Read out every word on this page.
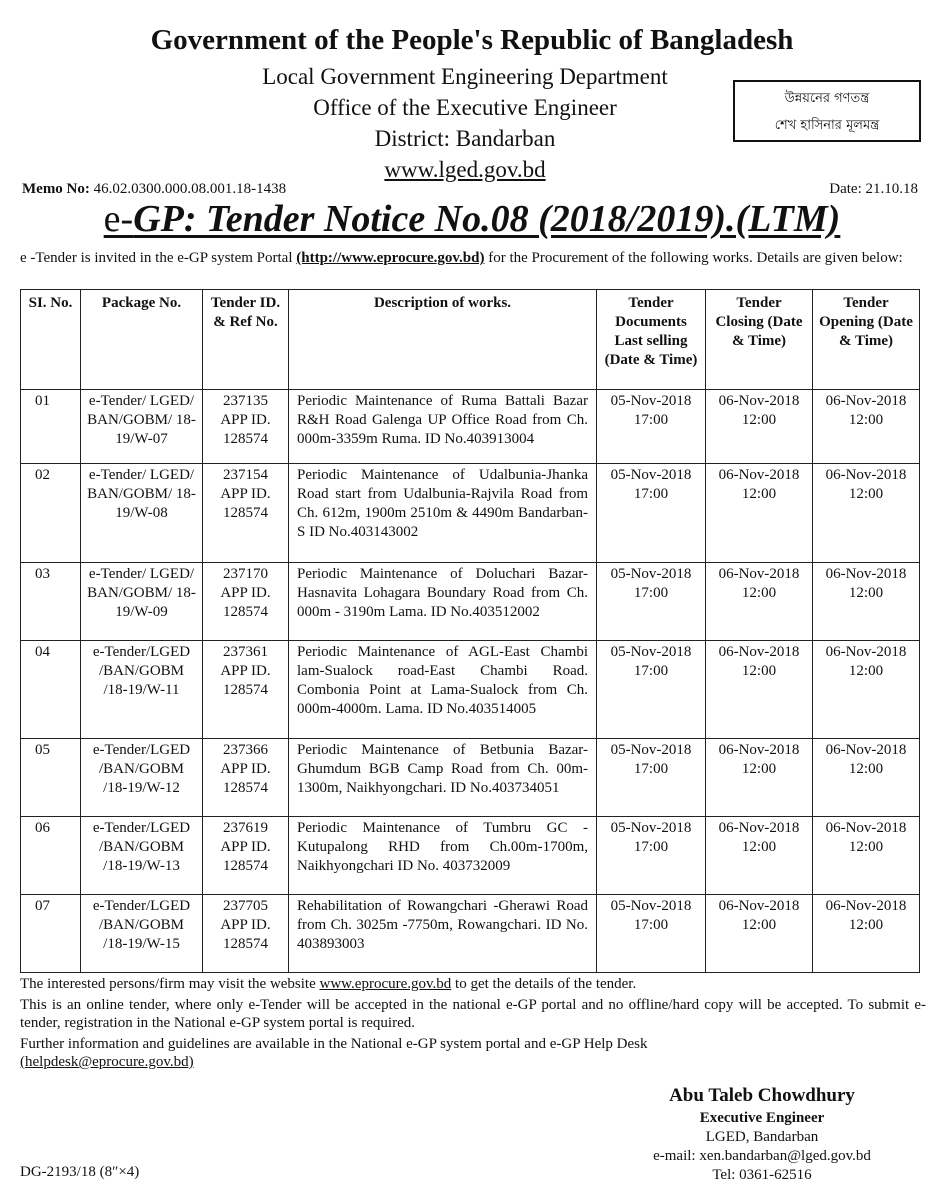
Government of the People's Republic of Bangladesh
Local Government Engineering Department
Office of the Executive Engineer
District: Bandarban
www.lged.gov.bd
উন্নয়নের গণতন্ত্র
শেখ হাসিনার মূলমন্ত্র
Memo No: 46.02.0300.000.08.001.18-1438	Date: 21.10.18
e-GP: Tender Notice No.08 (2018/2019).(LTM)
e -Tender is invited in the e-GP system Portal (http://www.eprocure.gov.bd) for the Procurement of the following works. Details are given below:
SI. No.	Package No.	Tender ID. & Ref No.	Description of works.	Tender Documents Last selling (Date & Time)	Tender Closing (Date & Time)	Tender Opening (Date & Time)
01	e-Tender/ LGED/ BAN/GOBM/ 18-19/W-07	237135 APP ID. 128574	Periodic Maintenance of Ruma Battali Bazar R&H Road Galenga UP Office Road from Ch. 000m-3359m Ruma. ID No.403913004	05-Nov-2018 17:00	06-Nov-2018 12:00	06-Nov-2018 12:00
02	e-Tender/ LGED/ BAN/GOBM/ 18-19/W-08	237154 APP ID. 128574	Periodic Maintenance of Udalbunia-Jhanka Road start from Udalbunia-Rajvila Road from Ch. 612m, 1900m 2510m & 4490m Bandarban-S ID No.403143002	05-Nov-2018 17:00	06-Nov-2018 12:00	06-Nov-2018 12:00
03	e-Tender/ LGED/ BAN/GOBM/ 18-19/W-09	237170 APP ID. 128574	Periodic Maintenance of Doluchari Bazar-Hasnavita Lohagara Boundary Road from Ch. 000m - 3190m Lama. ID No.403512002	05-Nov-2018 17:00	06-Nov-2018 12:00	06-Nov-2018 12:00
04	e-Tender/LGED /BAN/GOBM /18-19/W-11	237361 APP ID. 128574	Periodic Maintenance of AGL-East Chambi lam-Sualock road-East Chambi Road. Combonia Point at Lama-Sualock from Ch. 000m-4000m. Lama. ID No.403514005	05-Nov-2018 17:00	06-Nov-2018 12:00	06-Nov-2018 12:00
05	e-Tender/LGED /BAN/GOBM /18-19/W-12	237366 APP ID. 128574	Periodic Maintenance of Betbunia Bazar-Ghumdum BGB Camp Road from Ch. 00m-1300m, Naikhyongchari. ID No.403734051	05-Nov-2018 17:00	06-Nov-2018 12:00	06-Nov-2018 12:00
06	e-Tender/LGED /BAN/GOBM /18-19/W-13	237619 APP ID. 128574	Periodic Maintenance of Tumbru GC - Kutupalong RHD from Ch.00m-1700m, Naikhyongchari ID No. 403732009	05-Nov-2018 17:00	06-Nov-2018 12:00	06-Nov-2018 12:00
07	e-Tender/LGED /BAN/GOBM /18-19/W-15	237705 APP ID. 128574	Rehabilitation of Rowangchari -Gherawi Road from Ch. 3025m -7750m, Rowangchari. ID No. 403893003	05-Nov-2018 17:00	06-Nov-2018 12:00	06-Nov-2018 12:00

The interested persons/firm may visit the website www.eprocure.gov.bd to get the details of the tender.

This is an online tender, where only e-Tender will be accepted in the national e-GP portal and no offline/hard copy will be accepted. To submit e-tender, registration in the National e-GP system portal is required.

Further information and guidelines are available in the National e-GP system portal and e-GP Help Desk
(helpdesk@eprocure.gov.bd)

Abu Taleb Chowdhury
Executive Engineer
LGED, Bandarban
e-mail: xen.bandarban@lged.gov.bd
Tel: 0361-62516
DG-2193/18 (8″×4)
